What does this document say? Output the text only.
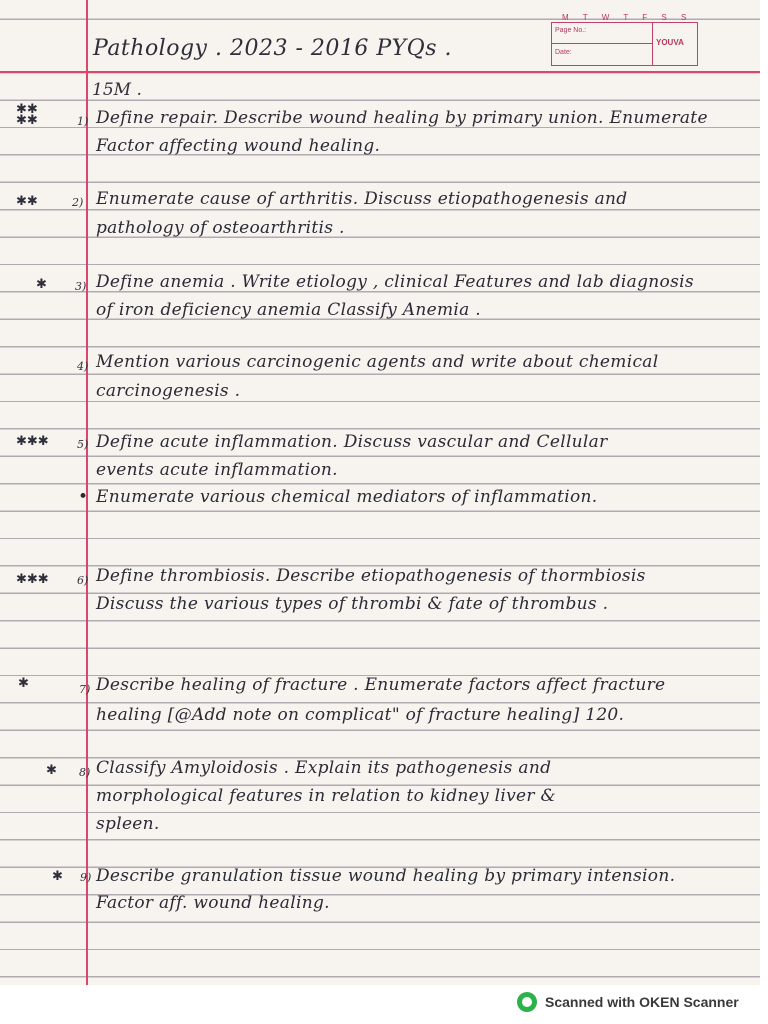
M T W T F S S
Page No.:
Date:
YOUVA
Pathology . 2023 - 2016 PYQs .
15M .
✱✱
✱✱	1) Define repair. Describe wound healing by primary union. Enumerate
Factor affecting wound healing.
✱✱	2) Enumerate cause of arthritis. Discuss etiopathogenesis and
pathology of osteoarthritis .
✱	3) Define anemia . Write etiology , clinical Features and lab diagnosis
of iron deficiency anemia Classify Anemia .
4) Mention various carcinogenic agents and write about chemical
carcinogenesis .
✱✱✱	5) Define acute inflammation. Discuss vascular and Cellular
events acute inflammation.
• Enumerate various chemical mediators of inflammation.
✱✱✱	6) Define thrombiosis. Describe etiopathogenesis of thormbiosis
Discuss the various types of thrombi & fate of thrombus .
✱	7) Describe healing of fracture . Enumerate factors affect fracture
healing [@Add note on complicat" of fracture healing] 120.
✱ 8) Classify Amyloidosis . Explain its pathogenesis and
morphological features in relation to kidney liver &
spleen.
✱ 9) Describe granulation tissue wound healing by primary intension.
Factor aff. wound healing.
Scanned with OKEN Scanner
